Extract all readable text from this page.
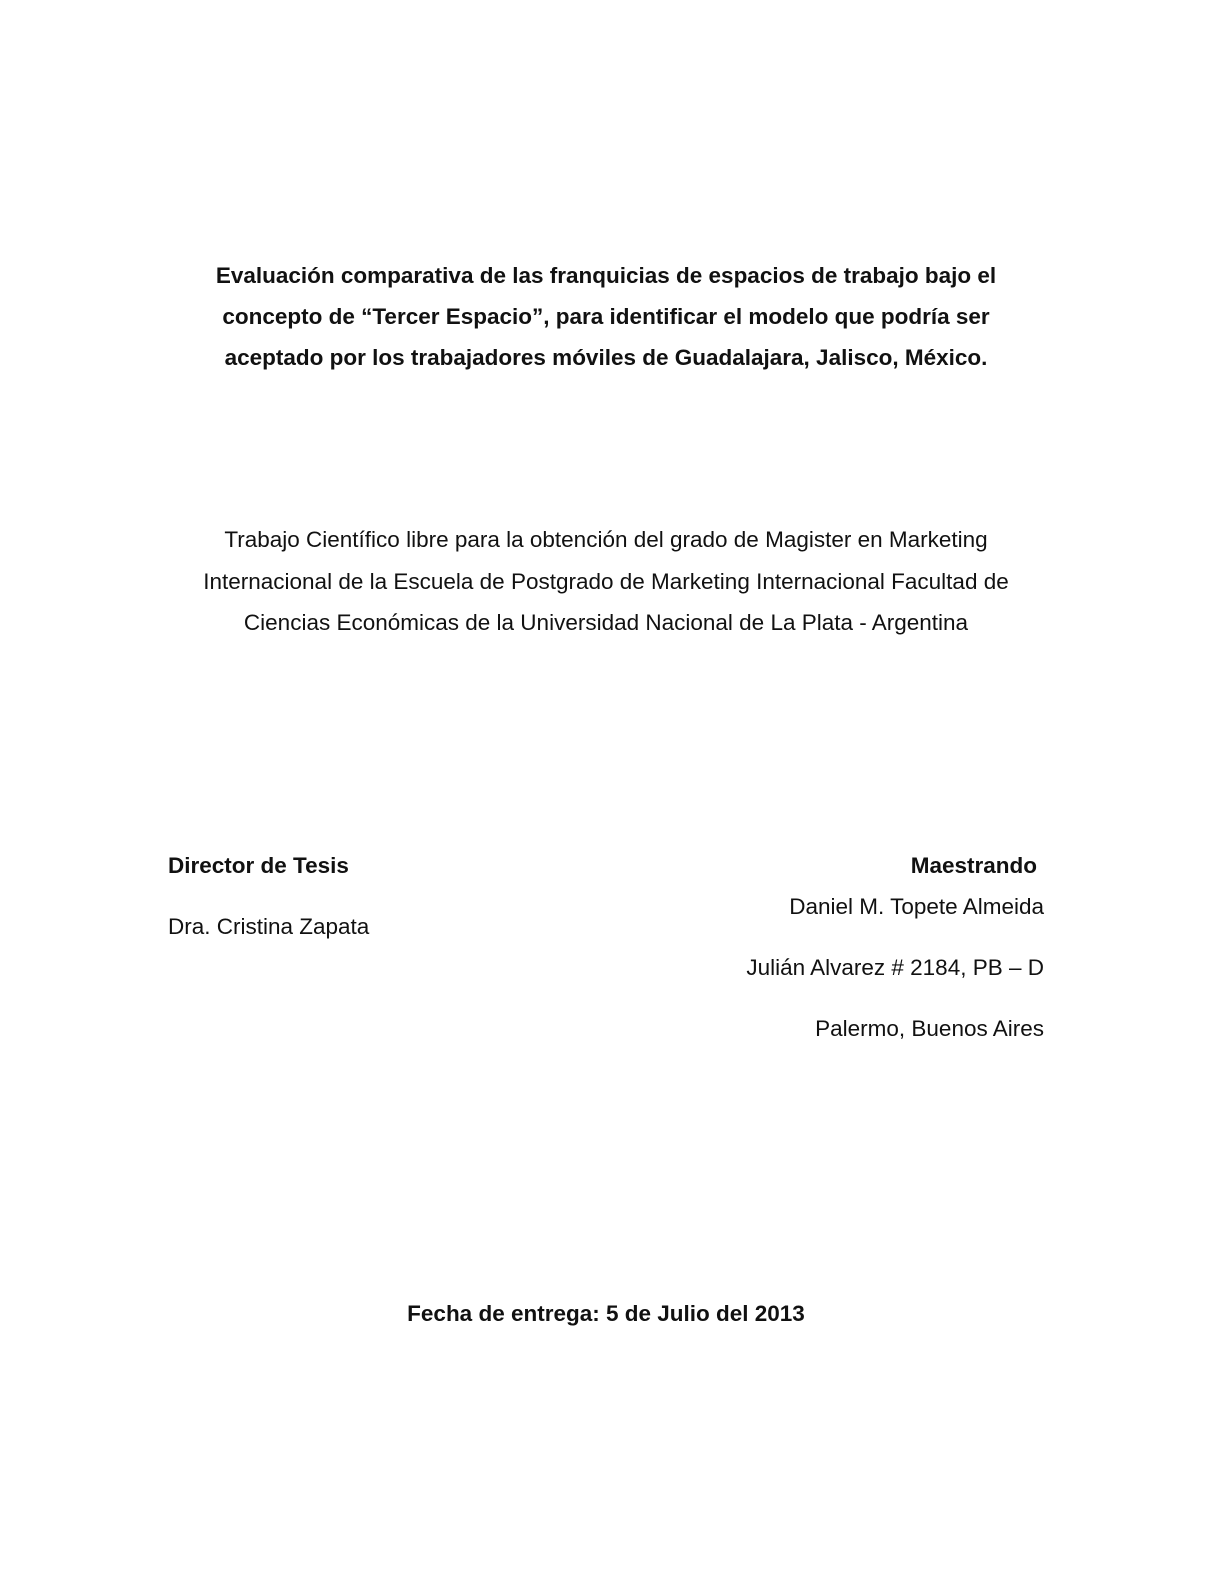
Evaluación comparativa de las franquicias de espacios de trabajo bajo el
concepto de “Tercer Espacio”, para identificar el modelo que podría ser
aceptado por los trabajadores móviles de Guadalajara, Jalisco, México.
Trabajo Científico libre para la obtención del grado de Magister en Marketing
Internacional de la Escuela de Postgrado de Marketing Internacional Facultad de
Ciencias Económicas de la Universidad Nacional de La Plata - Argentina
Director de Tesis
Dra. Cristina Zapata
Maestrando
Daniel M. Topete Almeida
Julián Alvarez # 2184, PB – D
Palermo, Buenos Aires
Fecha de entrega: 5 de Julio del 2013
